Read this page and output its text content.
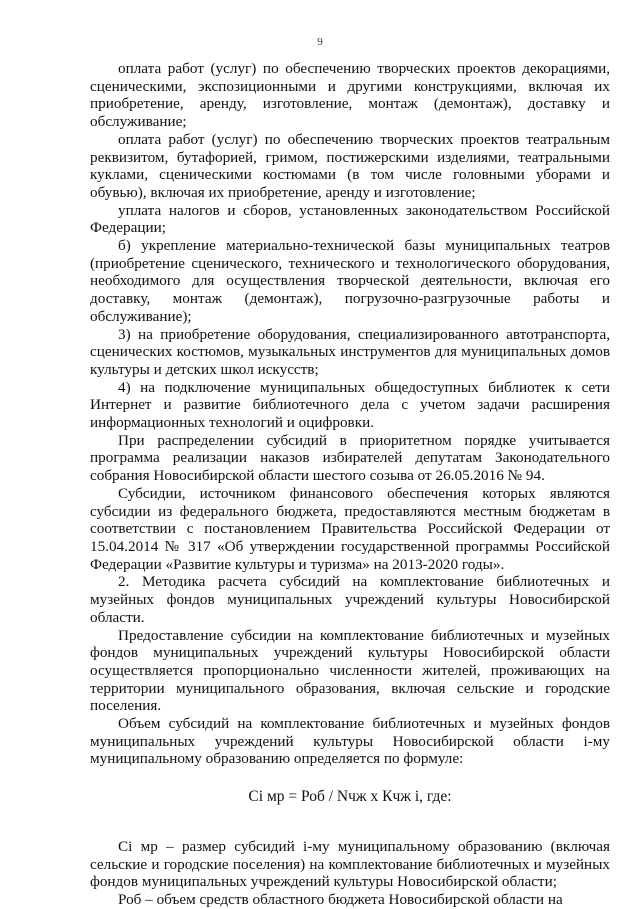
9

оплата работ (услуг) по обеспечению творческих проектов декорациями, сценическими, экспозиционными и другими конструкциями, включая их приобретение, аренду, изготовление, монтаж (демонтаж), доставку и обслуживание;

оплата работ (услуг) по обеспечению творческих проектов театральным реквизитом, бутафорией, гримом, постижерскими изделиями, театральными куклами, сценическими костюмами (в том числе головными уборами и обувью), включая их приобретение, аренду и изготовление;

уплата налогов и сборов, установленных законодательством Российской Федерации;

б) укрепление материально-технической базы муниципальных театров (приобретение сценического, технического и технологического оборудования, необходимого для осуществления творческой деятельности, включая его доставку, монтаж (демонтаж), погрузочно-разгрузочные работы и обслуживание);

3) на приобретение оборудования, специализированного автотранспорта, сценических костюмов, музыкальных инструментов для муниципальных домов культуры и детских школ искусств;

4) на подключение муниципальных общедоступных библиотек к сети Интернет и развитие библиотечного дела с учетом задачи расширения информационных технологий и оцифровки.

При распределении субсидий в приоритетном порядке учитывается программа реализации наказов избирателей депутатам Законодательного собрания Новосибирской области шестого созыва от 26.05.2016 № 94.

Субсидии, источником финансового обеспечения которых являются субсидии из федерального бюджета, предоставляются местным бюджетам в соответствии с постановлением Правительства Российской Федерации от 15.04.2014 № 317 «Об утверждении государственной программы Российской Федерации «Развитие культуры и туризма» на 2013-2020 годы».

2. Методика расчета субсидий на комплектование библиотечных и музейных фондов муниципальных учреждений культуры Новосибирской области.

Предоставление субсидии на комплектование библиотечных и музейных фондов муниципальных учреждений культуры Новосибирской области осуществляется пропорционально численности жителей, проживающих на территории муниципального образования, включая сельские и городские поселения.

Объем субсидий на комплектование библиотечных и музейных фондов муниципальных учреждений культуры Новосибирской области i-му муниципальному образованию определяется по формуле:

Ci мр = Роб / Nчж х Кчж i, где:

Ci мр – размер субсидий i-му муниципальному образованию (включая сельские и городские поселения) на комплектование библиотечных и музейных фондов муниципальных учреждений культуры Новосибирской области;

Роб – объем средств областного бюджета Новосибирской области на
